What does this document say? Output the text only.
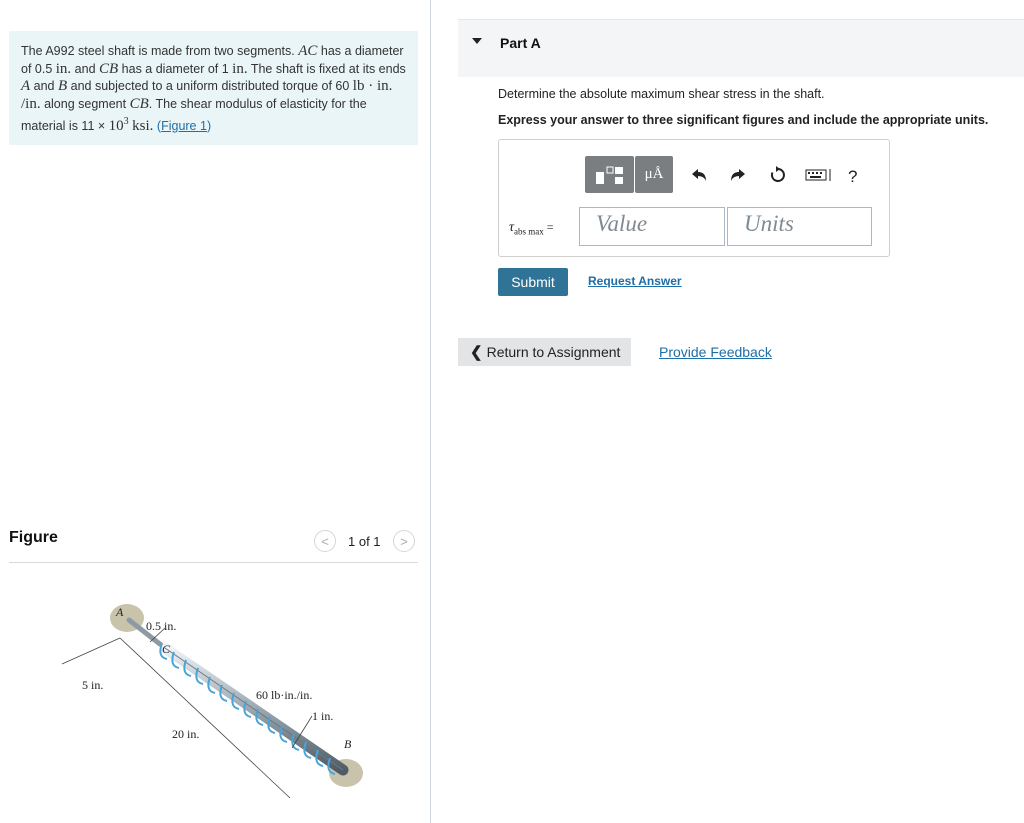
The A992 steel shaft is made from two segments. AC has a diameter of 0.5 in. and CB has a diameter of 1 in. The shaft is fixed at its ends A and B and subjected to a uniform distributed torque of 60 lb · in. /in. along segment CB. The shear modulus of elasticity for the material is $11 \times 10^3$ ksi. (Figure 1)
Figure	< 1 of 1 >
A
0.5 in.
C
5 in.
60 lb·in./in.
1 in.
20 in.
B
Part A
Determine the absolute maximum shear stress in the shaft.
Express your answer to three significant figures and include the appropriate units.
μÅ	?
$\tau_{abs max}$ =	Value	Units
Submit	Request Answer
❮ Return to Assignment	Provide Feedback
